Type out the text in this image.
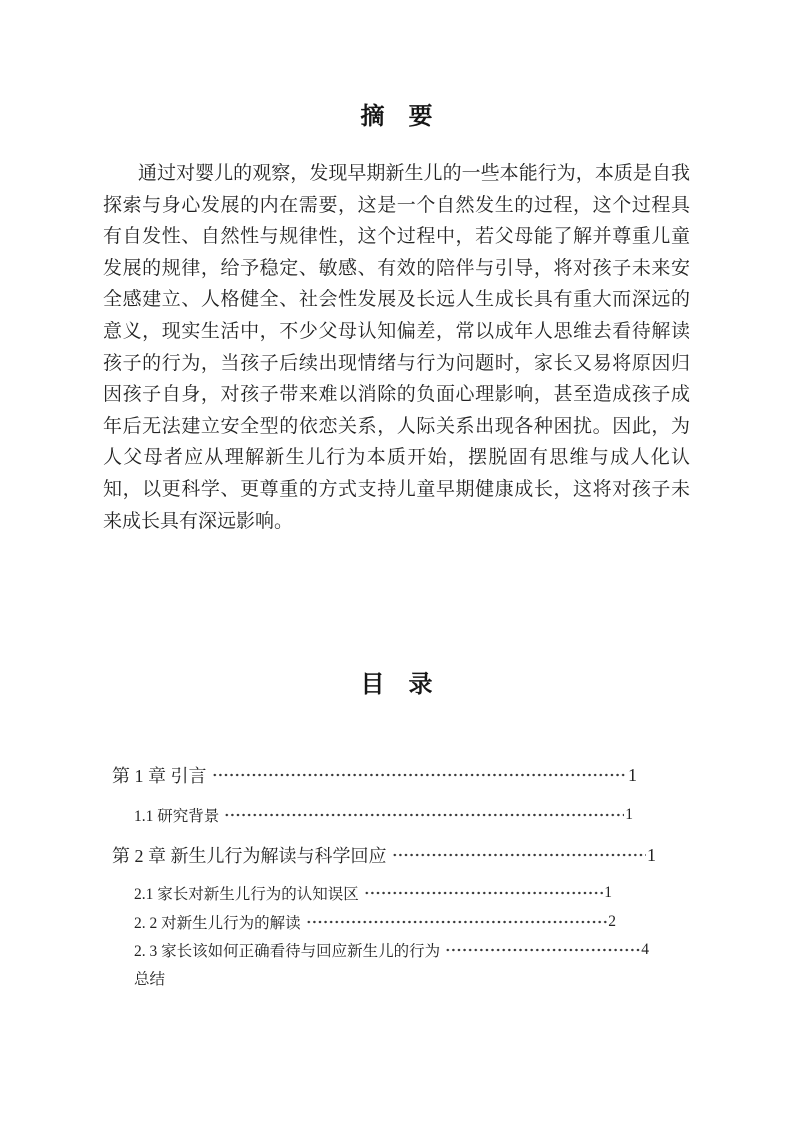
摘　要

通过对婴儿的观察，发现早期新生儿的一些本能行为，本质是自我探索与身心发展的内在需要，这是一个自然发生的过程，这个过程具有自发性、自然性与规律性，这个过程中，若父母能了解并尊重儿童发展的规律，给予稳定、敏感、有效的陪伴与引导，将对孩子未来安全感建立、人格健全、社会性发展及长远人生成长具有重大而深远的意义，现实生活中，不少父母认知偏差，常以成年人思维去看待解读孩子的行为，当孩子后续出现情绪与行为问题时，家长又易将原因归因孩子自身，对孩子带来难以消除的负面心理影响，甚至造成孩子成年后无法建立安全型的依恋关系，人际关系出现各种困扰。因此，为人父母者应从理解新生儿行为本质开始，摆脱固有思维与成人化认知，以更科学、更尊重的方式支持儿童早期健康成长，这将对孩子未来成长具有深远影响。

目　录
第 1 章 引言	1
1.1 研究背景	1
第 2 章 新生儿行为解读与科学回应	1
2.1 家长对新生儿行为的认知误区	1
2. 2 对新生儿行为的解读	2
2. 3 家长该如何正确看待与回应新生儿的行为	4
总结
